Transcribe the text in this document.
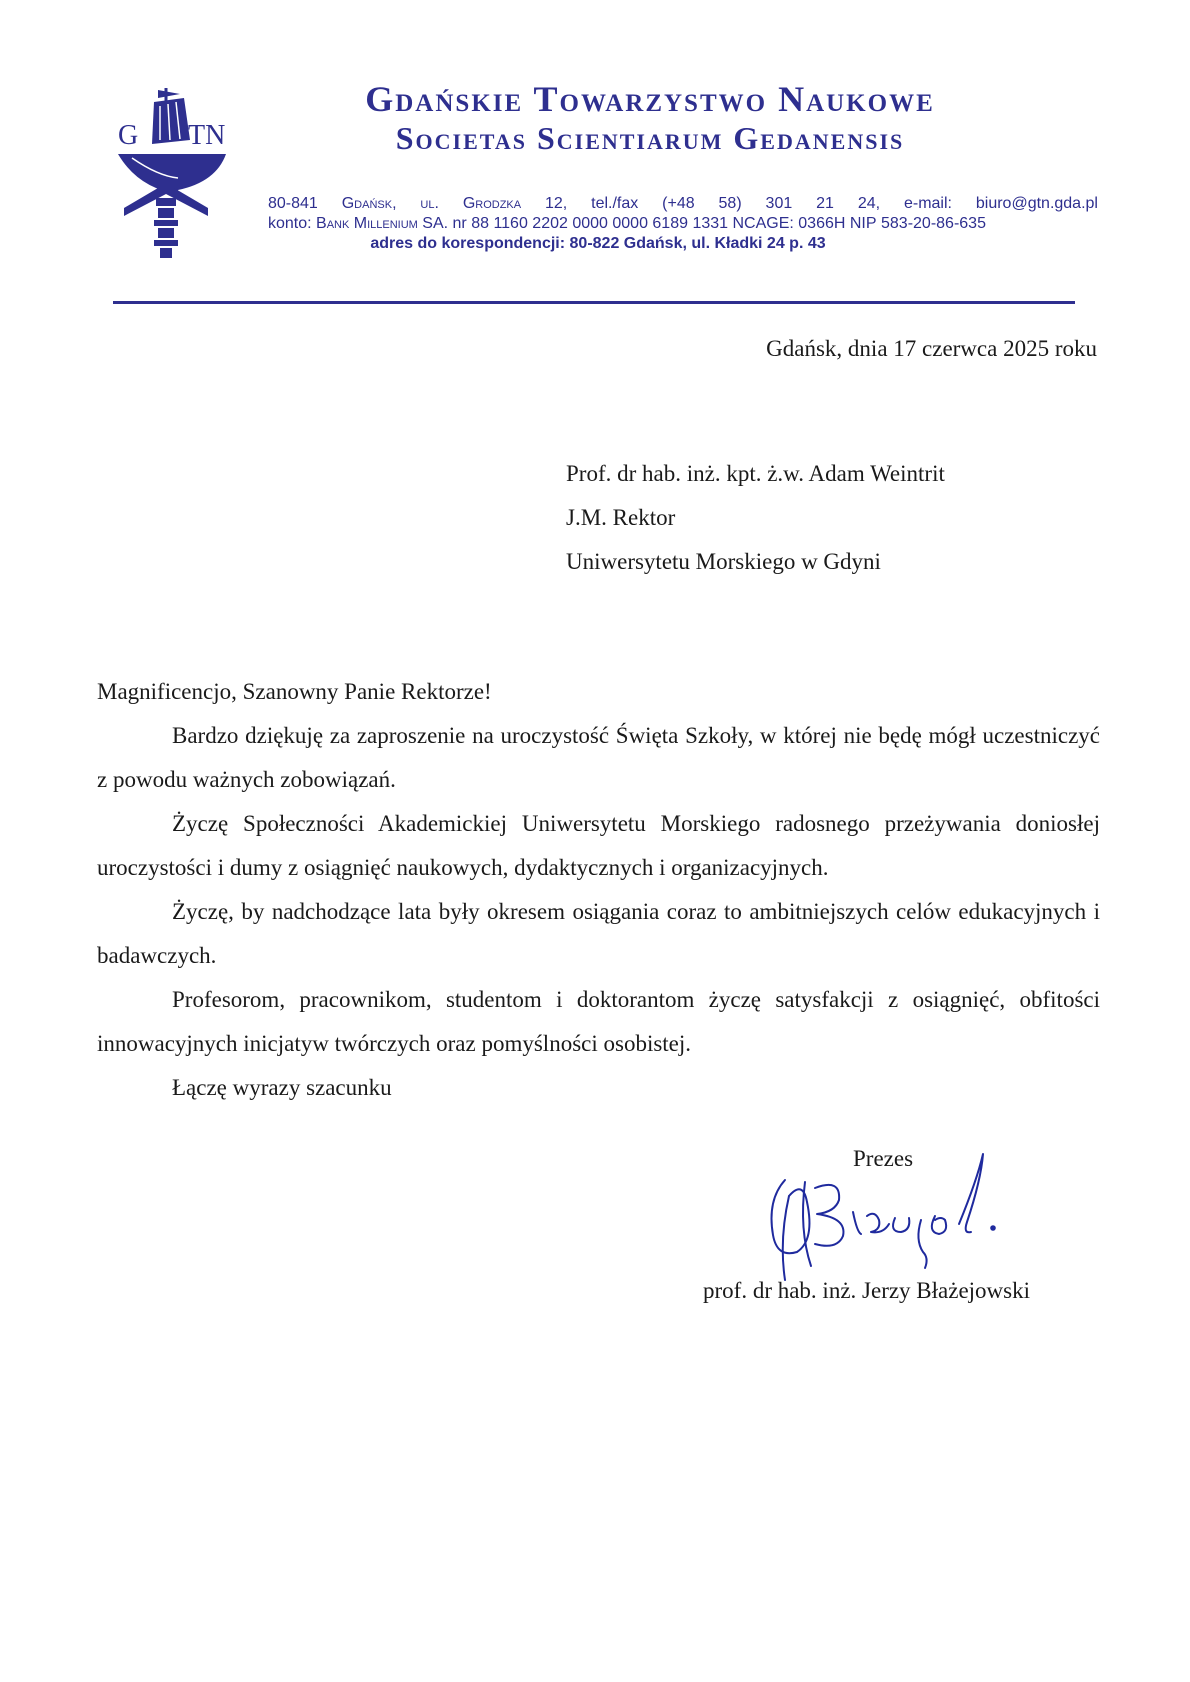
G TN
Gdańskie Towarzystwo Naukowe
Societas Scientiarum Gedanensis
80-841 Gdańsk, ul. Grodzka 12, tel./fax (+48 58) 301 21 24, e-mail: biuro@gtn.gda.pl
konto: Bank Millenium SA. nr 88 1160 2202 0000 0000 6189 1331 NCAGE: 0366H NIP 583-20-86-635
adres do korespondencji: 80-822 Gdańsk, ul. Kładki 24 p. 43

Gdańsk, dnia 17 czerwca 2025 roku

Prof. dr hab. inż. kpt. ż.w. Adam Weintrit
J.M. Rektor
Uniwersytetu Morskiego w Gdyni

Magnificencjo, Szanowny Panie Rektorze!

Bardzo dziękuję za zaproszenie na uroczystość Święta Szkoły, w której nie będę mógł uczestniczyć z powodu ważnych zobowiązań.

Życzę Społeczności Akademickiej Uniwersytetu Morskiego radosnego przeżywania doniosłej uroczystości i dumy z osiągnięć naukowych, dydaktycznych i organizacyjnych.

Życzę, by nadchodzące lata były okresem osiągania coraz to ambitniejszych celów edukacyjnych i badawczych.

Profesorom, pracownikom, studentom i doktorantom życzę satysfakcji z osiągnięć, obfitości innowacyjnych inicjatyw twórczych oraz pomyślności osobistej.

Łączę wyrazy szacunku

Prezes

prof. dr hab. inż. Jerzy Błażejowski
